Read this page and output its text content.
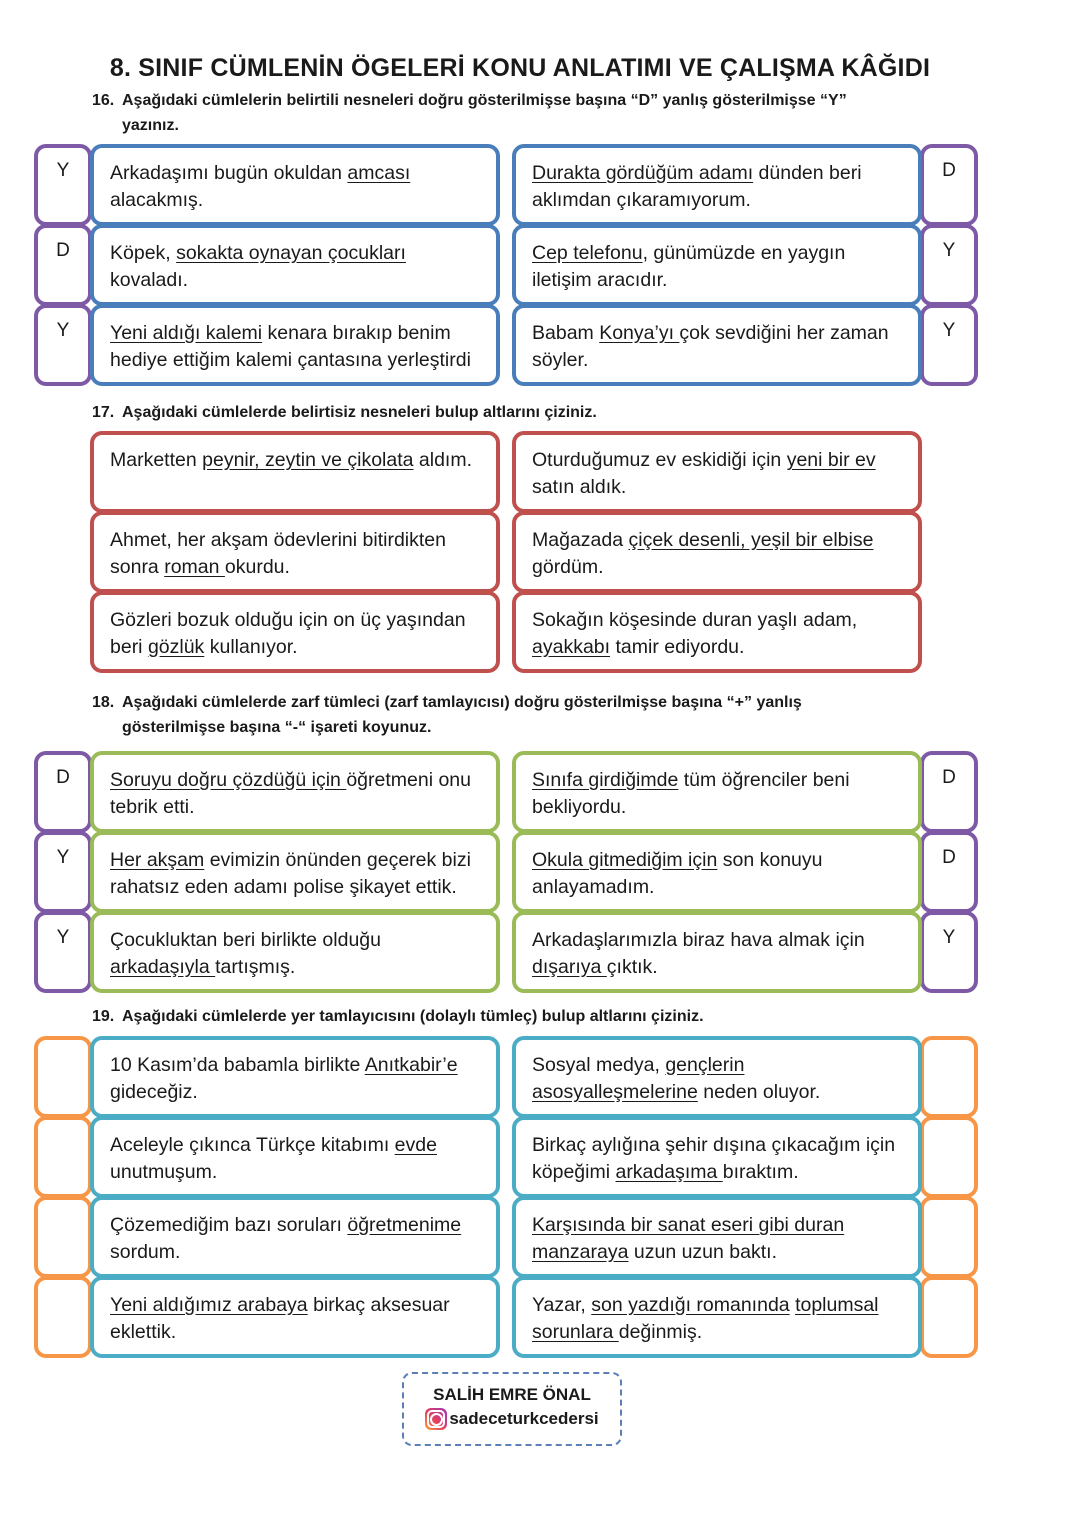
8. SINIF CÜMLENİN ÖGELERİ KONU ANLATIMI VE ÇALIŞMA KÂĞIDI
16. Aşağıdaki cümlelerin belirtili nesneleri doğru gösterilmişse başına “D” yanlış gösterilmişse “Y”
yazınız.
Y	D
Arkadaşımı bugün okuldan amcası alacakmış.
Durakta gördüğüm adamı dünden beri aklımdan çıkaramıyorum.
D	Y
Köpek, sokakta oynayan çocukları kovaladı.
Cep telefonu, günümüzde en yaygın iletişim aracıdır.
Y	Y
Yeni aldığı kalemi kenara bırakıp benim hediye ettiğim kalemi çantasına yerleştirdi
Babam Konya’yı çok sevdiğini her zaman söyler.
17. Aşağıdaki cümlelerde belirtisiz nesneleri bulup altlarını çiziniz.
Marketten peynir, zeytin ve çikolata aldım.	Oturduğumuz ev eskidiği için yeni bir ev satın aldık.
Ahmet, her akşam ödevlerini bitirdikten sonra roman okurdu.
Mağazada çiçek desenli, yeşil bir elbise gördüm.
Gözleri bozuk olduğu için on üç yaşından beri gözlük kullanıyor.
Sokağın köşesinde duran yaşlı adam, ayakkabı tamir ediyordu.
18. Aşağıdaki cümlelerde zarf tümleci (zarf tamlayıcısı) doğru gösterilmişse başına “+” yanlış
gösterilmişse başına “-“ işareti koyunuz.
D	D
Soruyu doğru çözdüğü için öğretmeni onu tebrik etti.
Sınıfa girdiğimde tüm öğrenciler beni bekliyordu.
Y	D
Her akşam evimizin önünden geçerek bizi rahatsız eden adamı polise şikayet ettik.
Okula gitmediğim için son konuyu anlayamadım.
Y	Y
Çocukluktan beri birlikte olduğu arkadaşıyla tartışmış.
Arkadaşlarımızla biraz hava almak için dışarıya çıktık.
19. Aşağıdaki cümlelerde yer tamlayıcısını (dolaylı tümleç) bulup altlarını çiziniz.
10 Kasım’da babamla birlikte Anıtkabir’e gideceğiz.
Sosyal medya, gençlerin asosyalleşmelerine neden oluyor.
Aceleyle çıkınca Türkçe kitabımı evde unutmuşum.
Birkaç aylığına şehir dışına çıkacağım için köpeğimi arkadaşıma bıraktım.
Çözemediğim bazı soruları öğretmenime sordum.
Karşısında bir sanat eseri gibi duran manzaraya uzun uzun baktı.
Yeni aldığımız arabaya birkaç aksesuar eklettik.
Yazar, son yazdığı romanında toplumsal sorunlara değinmiş.
SALİH EMRE ÖNAL
sadeceturkcedersi
